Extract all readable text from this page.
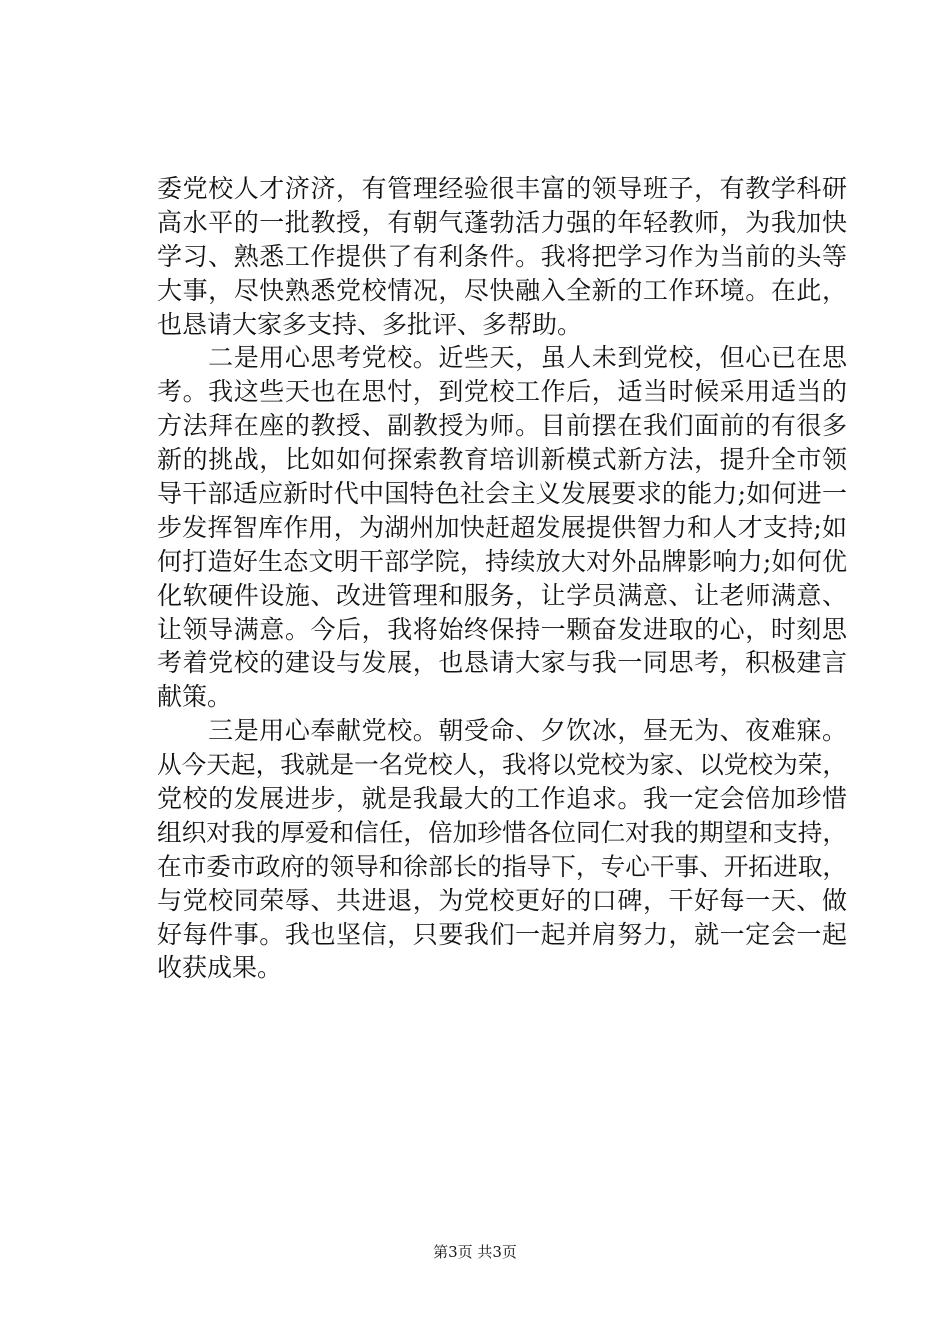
委党校人才济济，有管理经验很丰富的领导班子，有教学科研
高水平的一批教授，有朝气蓬勃活力强的年轻教师，为我加快
学习、熟悉工作提供了有利条件。我将把学习作为当前的头等
大事，尽快熟悉党校情况，尽快融入全新的工作环境。在此，
也恳请大家多支持、多批评、多帮助。
　　二是用心思考党校。近些天，虽人未到党校，但心已在思
考。我这些天也在思忖，到党校工作后，适当时候采用适当的
方法拜在座的教授、副教授为师。目前摆在我们面前的有很多
新的挑战，比如如何探索教育培训新模式新方法，提升全市领
导干部适应新时代中国特色社会主义发展要求的能力;如何进一
步发挥智库作用，为湖州加快赶超发展提供智力和人才支持;如
何打造好生态文明干部学院，持续放大对外品牌影响力;如何优
化软硬件设施、改进管理和服务，让学员满意、让老师满意、
让领导满意。今后，我将始终保持一颗奋发进取的心，时刻思
考着党校的建设与发展，也恳请大家与我一同思考，积极建言
献策。
　　三是用心奉献党校。朝受命、夕饮冰，昼无为、夜难寐。
从今天起，我就是一名党校人，我将以党校为家、以党校为荣，
党校的发展进步，就是我最大的工作追求。我一定会倍加珍惜
组织对我的厚爱和信任，倍加珍惜各位同仁对我的期望和支持，
在市委市政府的领导和徐部长的指导下，专心干事、开拓进取，
与党校同荣辱、共进退，为党校更好的口碑，干好每一天、做
好每件事。我也坚信，只要我们一起并肩努力，就一定会一起
收获成果。
第3页 共3页
